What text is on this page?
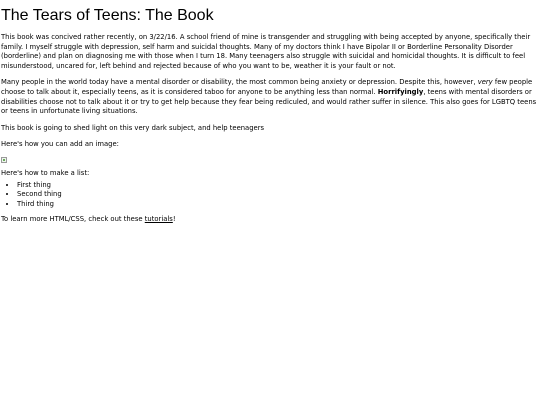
The Tears of Teens: The Book

This book was concived rather recently, on 3/22/16. A school friend of mine is transgender and struggling with being accepted by anyone, specifically their family. I myself struggle with depression, self harm and suicidal thoughts. Many of my doctors think I have Bipolar II or Borderline Personality Disorder (borderline) and plan on diagnosing me with those when I turn 18. Many teenagers also struggle with suicidal and homicidal thoughts. It is difficult to feel misunderstood, uncared for, left behind and rejected because of who you want to be, weather it is your fault or not.

Many people in the world today have a mental disorder or disability, the most common being anxiety or depression. Despite this, however, very few people choose to talk about it, especially teens, as it is considered taboo for anyone to be anything less than normal. Horrifyingly, teens with mental disorders or disabilities choose not to talk about it or try to get help because they fear being rediculed, and would rather suffer in silence. This also goes for LGBTQ teens or teens in unfortunate living situations.

This book is going to shed light on this very dark subject, and help teenagers

Here's how you can add an image:

Here's how to make a list:

• First thing
• Second thing
• Third thing

To learn more HTML/CSS, check out these tutorials!
